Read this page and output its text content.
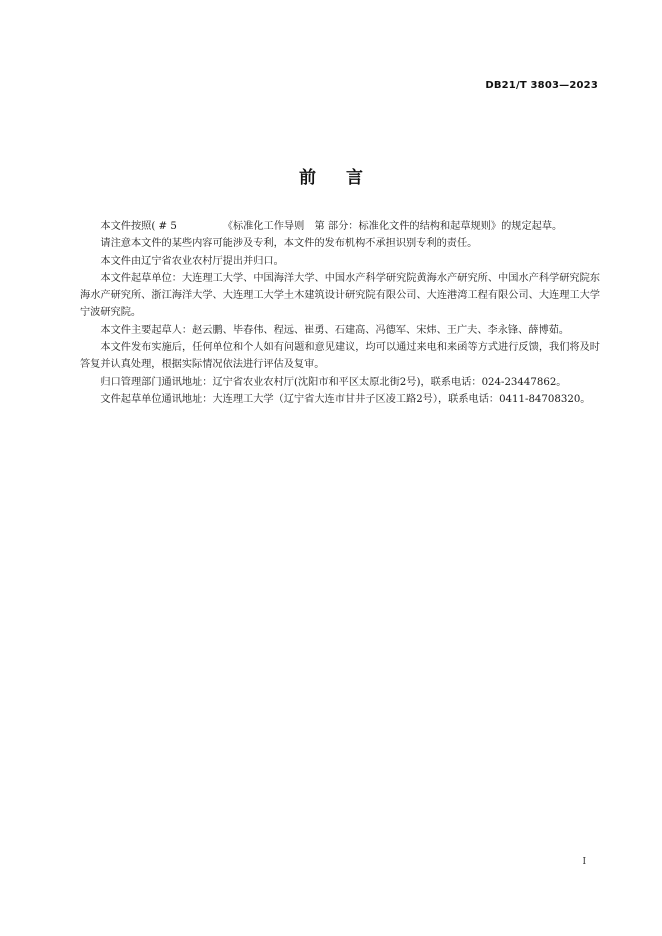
DB21/T 3803—2023
前言

本文件按照( # 5	《标准化工作导则　第 部分：标准化文件的结构和起草规则》的规定起草。

请注意本文件的某些内容可能涉及专利，本文件的发布机构不承担识别专利的责任。

本文件由辽宁省农业农村厅提出并归口。

本文件起草单位：大连理工大学、中国海洋大学、中国水产科学研究院黄海水产研究所、中国水产科学研究院东海水产研究所、浙江海洋大学、大连理工大学土木建筑设计研究院有限公司、大连港湾工程有限公司、大连理工大学宁波研究院。

本文件主要起草人：赵云鹏、毕春伟、程远、崔勇、石建高、冯德军、宋炜、王广夫、李永锋、薛博茹。

本文件发布实施后，任何单位和个人如有问题和意见建议，均可以通过来电和来函等方式进行反馈，我们将及时答复并认真处理，根据实际情况依法进行评估及复审。

归口管理部门通讯地址：辽宁省农业农村厅(沈阳市和平区太原北街2号)，联系电话：024-23447862。

文件起草单位通讯地址：大连理工大学（辽宁省大连市甘井子区凌工路2号），联系电话：0411-84708320。

I
